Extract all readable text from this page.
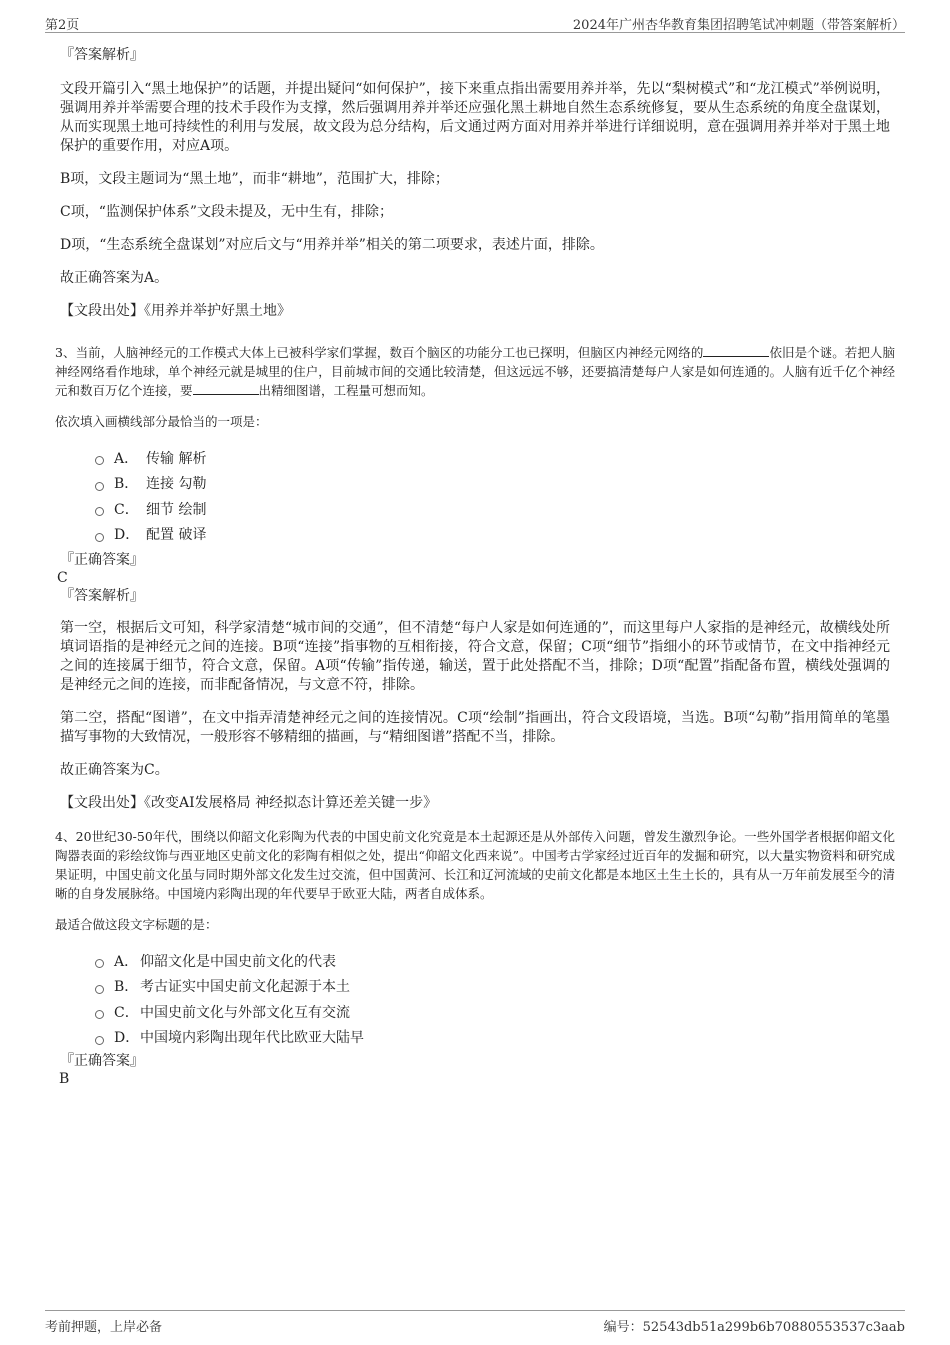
第2页	2024年广州杏华教育集团招聘笔试冲刺题（带答案解析）
『答案解析』

文段开篇引入“黑土地保护”的话题，并提出疑问“如何保护”，接下来重点指出需要用养并举，先以“梨树模式”和“龙江模式”举例说明，强调用养并举需要合理的技术手段作为支撑，然后强调用养并举还应强化黑土耕地自然生态系统修复，要从生态系统的角度全盘谋划，从而实现黑土地可持续性的利用与发展，故文段为总分结构，后文通过两方面对用养并举进行详细说明，意在强调用养并举对于黑土地保护的重要作用，对应A项。

B项，文段主题词为“黑土地”，而非“耕地”，范围扩大，排除；

C项，“监测保护体系”文段未提及，无中生有，排除；

D项，“生态系统全盘谋划”对应后文与“用养并举”相关的第二项要求，表述片面，排除。

故正确答案为A。

【文段出处】《用养并举护好黑土地》

3、当前，人脑神经元的工作模式大体上已被科学家们掌握，数百个脑区的功能分工也已探明，但脑区内神经元网络的	依旧是个谜。若把人脑神经网络看作地球，单个神经元就是城里的住户，目前城市间的交通比较清楚，但这远远不够，还要搞清楚每户人家是如何连通的。人脑有近千亿个神经元和数百万亿个连接，要	出精细图谱，工程量可想而知。

依次填入画横线部分最恰当的一项是：
A． 传输 解析
B． 连接 勾勒
C． 细节 绘制
D． 配置 破译
『正确答案』
C
『答案解析』

第一空，根据后文可知，科学家清楚“城市间的交通”，但不清楚“每户人家是如何连通的”，而这里每户人家指的是神经元，故横线处所填词语指的是神经元之间的连接。B项“连接”指事物的互相衔接，符合文意，保留；C项“细节”指细小的环节或情节，在文中指神经元之间的连接属于细节，符合文意，保留。A项“传输”指传递，输送，置于此处搭配不当，排除；D项“配置”指配备布置，横线处强调的是神经元之间的连接，而非配备情况，与文意不符，排除。

第二空，搭配“图谱”，在文中指弄清楚神经元之间的连接情况。C项“绘制”指画出，符合文段语境，当选。B项“勾勒”指用简单的笔墨描写事物的大致情况，一般形容不够精细的描画，与“精细图谱”搭配不当，排除。

故正确答案为C。

【文段出处】《改变AI发展格局 神经拟态计算还差关键一步》

4、20世纪30-50年代，围绕以仰韶文化彩陶为代表的中国史前文化究竟是本土起源还是从外部传入问题，曾发生激烈争论。一些外国学者根据仰韶文化陶器表面的彩绘纹饰与西亚地区史前文化的彩陶有相似之处，提出“仰韶文化西来说”。中国考古学家经过近百年的发掘和研究，以大量实物资料和研究成果证明，中国史前文化虽与同时期外部文化发生过交流，但中国黄河、长江和辽河流域的史前文化都是本地区土生土长的，具有从一万年前发展至今的清晰的自身发展脉络。中国境内彩陶出现的年代要早于欧亚大陆，两者自成体系。

最适合做这段文字标题的是：
A． 仰韶文化是中国史前文化的代表
B． 考古证实中国史前文化起源于本土
C． 中国史前文化与外部文化互有交流
D． 中国境内彩陶出现年代比欧亚大陆早
『正确答案』
B
考前押题，上岸必备	编号：52543db51a299b6b70880553537c3aab
